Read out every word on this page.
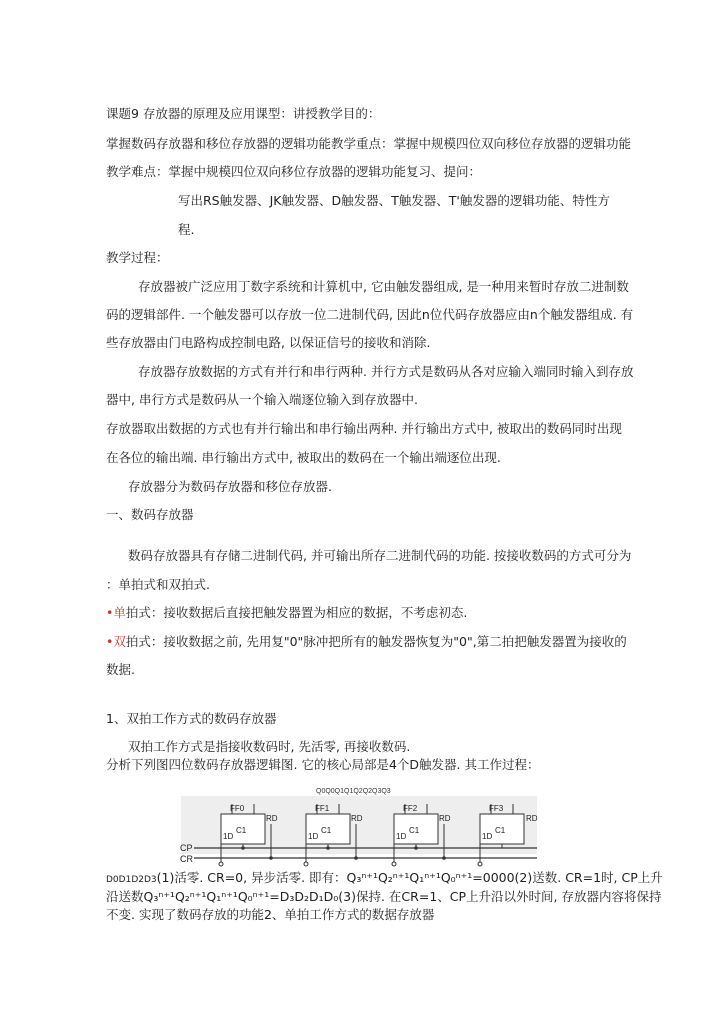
课题9 存放器的原理及应用课型：讲授教学目的：
掌握数码存放器和移位存放器的逻辑功能教学重点：掌握中规模四位双向移位存放器的逻辑功能
教学难点：掌握中规模四位双向移位存放器的逻辑功能复习、提问：
写出RS触发器、JK触发器、D触发器、T触发器、T'触发器的逻辑功能、特性方
程.
教学过程：
存放器被广泛应用丁数字系统和计算机中, 它由触发器组成, 是一种用来暂时存放二进制数
码的逻辑部件. 一个触发器可以存放一位二进制代码, 因此n位代码存放器应由n个触发器组成. 有
些存放器由门电路构成控制电路, 以保证信号的接收和消除.
存放器存放数据的方式有并行和串行两种. 并行方式是数码从各对应输入端同时输入到存放
器中, 串行方式是数码从一个输入端逐位输入到存放器中.
存放器取出数据的方式也有并行输出和串行输出两种. 并行输出方式中, 被取出的数码同时出现
在各位的输出端. 串行输出方式中, 被取出的数码在一个输出端逐位出现.
存放器分为数码存放器和移位存放器.
一、数码存放器
数码存放器具有存储二进制代码, 并可输出所存二进制代码的功能. 按接收数码的方式可分为
：单拍式和双拍式.
•单拍式：接收数据后直接把触发器置为相应的数据，不考虑初态.
•双拍式：接收数据之前, 先用复"0"脉冲把所有的触发器恢复为"0",第二拍把触发器置为接收的
数据.
1、双拍工作方式的数码存放器
双拍工作方式是指接收数码时, 先活零, 再接收数码.
分析下列图四位数码存放器逻辑图. 它的核心局部是4个D触发器. 其工作过程：
Q0Q0Q1Q1Q2Q2Q3Q3
FF0
RD
1D
C1
FF1
RD
1D
C1
FF2
RD
1D
C1
FF3
RD
1D
C1
CP
CR
D0D1D2D3(1)活零. CR=0, 异步活零. 即有：Q₃ⁿ⁺¹Q₂ⁿ⁺¹Q₁ⁿ⁺¹Q₀ⁿ⁺¹=0000(2)送数. CR=1时, CP上升
沿送数Q₃ⁿ⁺¹Q₂ⁿ⁺¹Q₁ⁿ⁺¹Q₀ⁿ⁺¹=D₃D₂D₁D₀(3)保持. 在CR=1、CP上升沿以外时间, 存放器内容将保持
不变. 实现了数码存放的功能2、单拍工作方式的数据存放器
